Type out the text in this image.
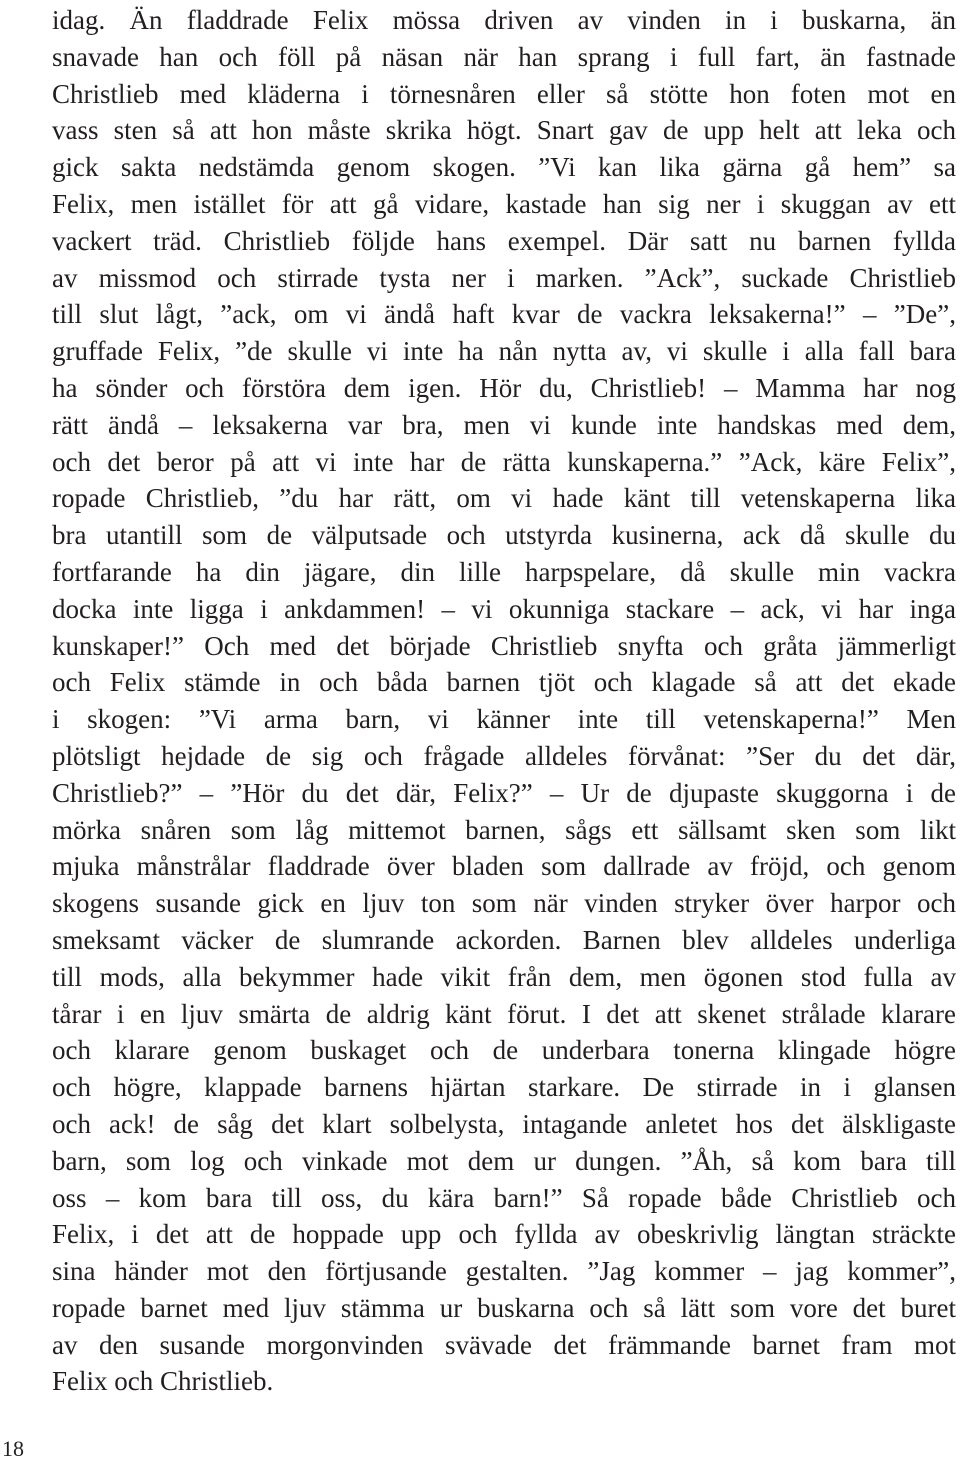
idag. Än fladdrade Felix mössa driven av vinden in i buskarna, än
snavade han och föll på näsan när han sprang i full fart, än fastnade
Christlieb med kläderna i törnesnåren eller så stötte hon foten mot en
vass sten så att hon måste skrika högt. Snart gav de upp helt att leka och
gick sakta nedstämda genom skogen. ”Vi kan lika gärna gå hem” sa
Felix, men istället för att gå vidare, kastade han sig ner i skuggan av ett
vackert träd. Christlieb följde hans exempel. Där satt nu barnen fyllda
av missmod och stirrade tysta ner i marken. ”Ack”, suckade Christlieb
till slut lågt, ”ack, om vi ändå haft kvar de vackra leksakerna!” – ”De”,
gruffade Felix, ”de skulle vi inte ha nån nytta av, vi skulle i alla fall bara
ha sönder och förstöra dem igen. Hör du, Christlieb! – Mamma har nog
rätt ändå – leksakerna var bra, men vi kunde inte handskas med dem,
och det beror på att vi inte har de rätta kunskaperna.” ”Ack, käre Felix”,
ropade Christlieb, ”du har rätt, om vi hade känt till vetenskaperna lika
bra utantill som de välputsade och utstyrda kusinerna, ack då skulle du
fortfarande ha din jägare, din lille harpspelare, då skulle min vackra
docka inte ligga i ankdammen! – vi okunniga stackare – ack, vi har inga
kunskaper!” Och med det började Christlieb snyfta och gråta jämmerligt
och Felix stämde in och båda barnen tjöt och klagade så att det ekade
i skogen: ”Vi arma barn, vi känner inte till vetenskaperna!” Men
plötsligt hejdade de sig och frågade alldeles förvånat: ”Ser du det där,
Christlieb?” – ”Hör du det där, Felix?” – Ur de djupaste skuggorna i de
mörka snåren som låg mittemot barnen, sågs ett sällsamt sken som likt
mjuka månstrålar fladdrade över bladen som dallrade av fröjd, och genom
skogens susande gick en ljuv ton som när vinden stryker över harpor och
smeksamt väcker de slumrande ackorden. Barnen blev alldeles underliga
till mods, alla bekymmer hade vikit från dem, men ögonen stod fulla av
tårar i en ljuv smärta de aldrig känt förut. I det att skenet strålade klarare
och klarare genom buskaget och de underbara tonerna klingade högre
och högre, klappade barnens hjärtan starkare. De stirrade in i glansen
och ack! de såg det klart solbelysta, intagande anletet hos det älskligaste
barn, som log och vinkade mot dem ur dungen. ”Åh, så kom bara till
oss – kom bara till oss, du kära barn!” Så ropade både Christlieb och
Felix, i det att de hoppade upp och fyllda av obeskrivlig längtan sträckte
sina händer mot den förtjusande gestalten. ”Jag kommer – jag kommer”,
ropade barnet med ljuv stämma ur buskarna och så lätt som vore det buret
av den susande morgonvinden svävade det främmande barnet fram mot
Felix och Christlieb.
18
